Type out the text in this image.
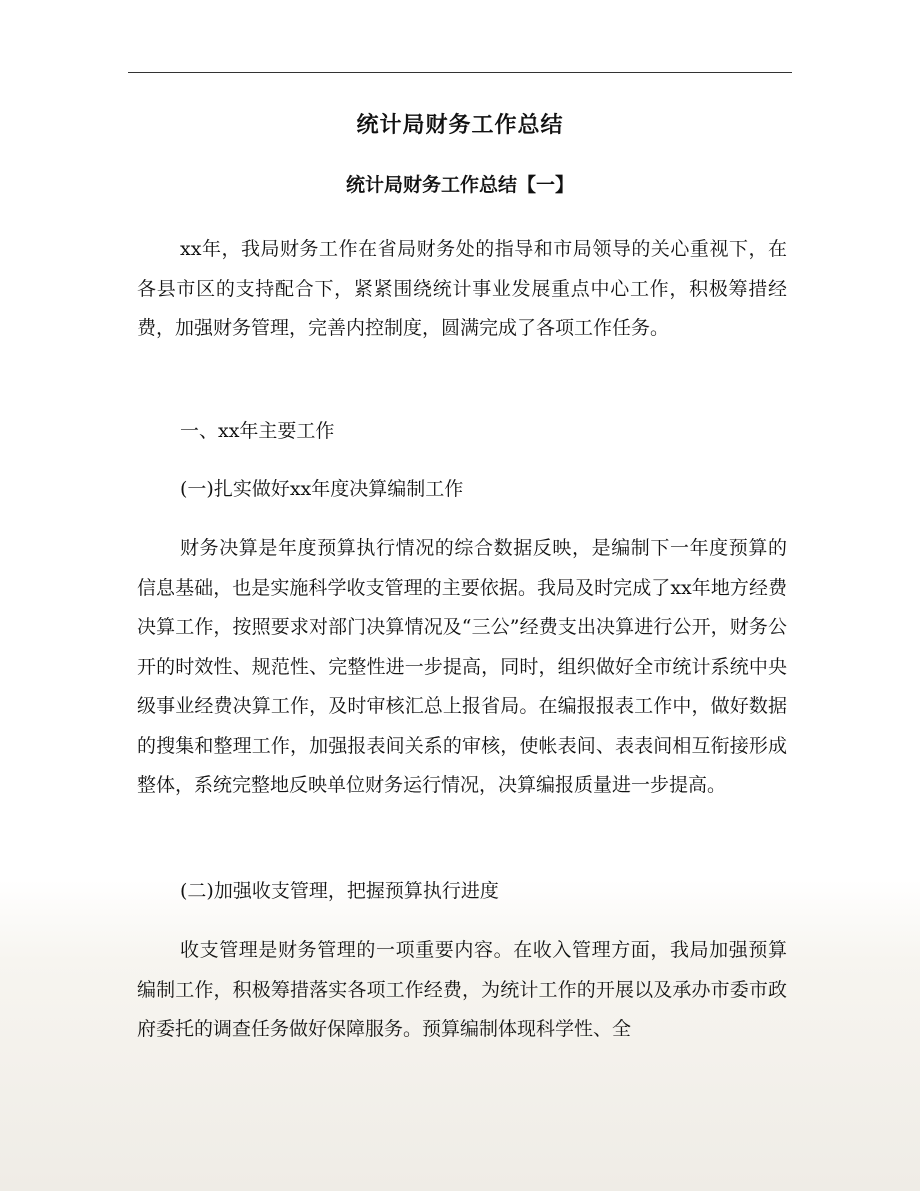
统计局财务工作总结
统计局财务工作总结【一】

xx年，我局财务工作在省局财务处的指导和市局领导的关心重视下，在各县市区的支持配合下，紧紧围绕统计事业发展重点中心工作，积极筹措经费，加强财务管理，完善内控制度，圆满完成了各项工作任务。

一、xx年主要工作

(一)扎实做好xx年度决算编制工作

财务决算是年度预算执行情况的综合数据反映，是编制下一年度预算的信息基础，也是实施科学收支管理的主要依据。我局及时完成了xx年地方经费决算工作，按照要求对部门决算情况及“三公”经费支出决算进行公开，财务公开的时效性、规范性、完整性进一步提高，同时，组织做好全市统计系统中央级事业经费决算工作，及时审核汇总上报省局。在编报报表工作中，做好数据的搜集和整理工作，加强报表间关系的审核，使帐表间、表表间相互衔接形成整体，系统完整地反映单位财务运行情况，决算编报质量进一步提高。

(二)加强收支管理，把握预算执行进度

收支管理是财务管理的一项重要内容。在收入管理方面，我局加强预算编制工作，积极筹措落实各项工作经费，为统计工作的开展以及承办市委市政府委托的调查任务做好保障服务。预算编制体现科学性、全
